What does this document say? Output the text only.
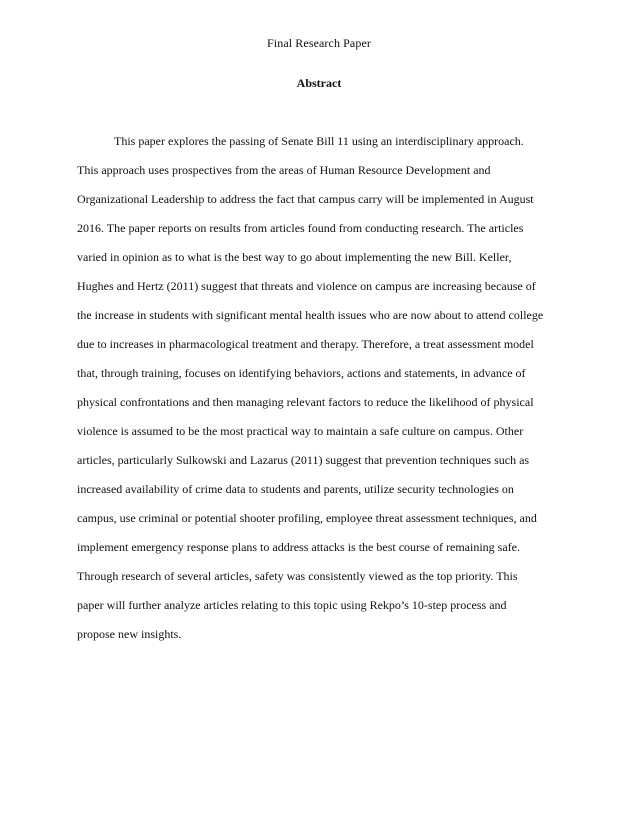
Final Research Paper
Abstract
This paper explores the passing of Senate Bill 11 using an interdisciplinary approach.
This approach uses prospectives from the areas of Human Resource Development and
Organizational Leadership to address the fact that campus carry will be implemented in August
2016. The paper reports on results from articles found from conducting research. The articles
varied in opinion as to what is the best way to go about implementing the new Bill. Keller,
Hughes and Hertz (2011) suggest that threats and violence on campus are increasing because of
the increase in students with significant mental health issues who are now about to attend college
due to increases in pharmacological treatment and therapy. Therefore, a treat assessment model
that, through training, focuses on identifying behaviors, actions and statements, in advance of
physical confrontations and then managing relevant factors to reduce the likelihood of physical
violence is assumed to be the most practical way to maintain a safe culture on campus. Other
articles, particularly Sulkowski and Lazarus (2011) suggest that prevention techniques such as
increased availability of crime data to students and parents, utilize security technologies on
campus, use criminal or potential shooter profiling, employee threat assessment techniques, and
implement emergency response plans to address attacks is the best course of remaining safe.
Through research of several articles, safety was consistently viewed as the top priority. This
paper will further analyze articles relating to this topic using Rekpo’s 10-step process and
propose new insights.
